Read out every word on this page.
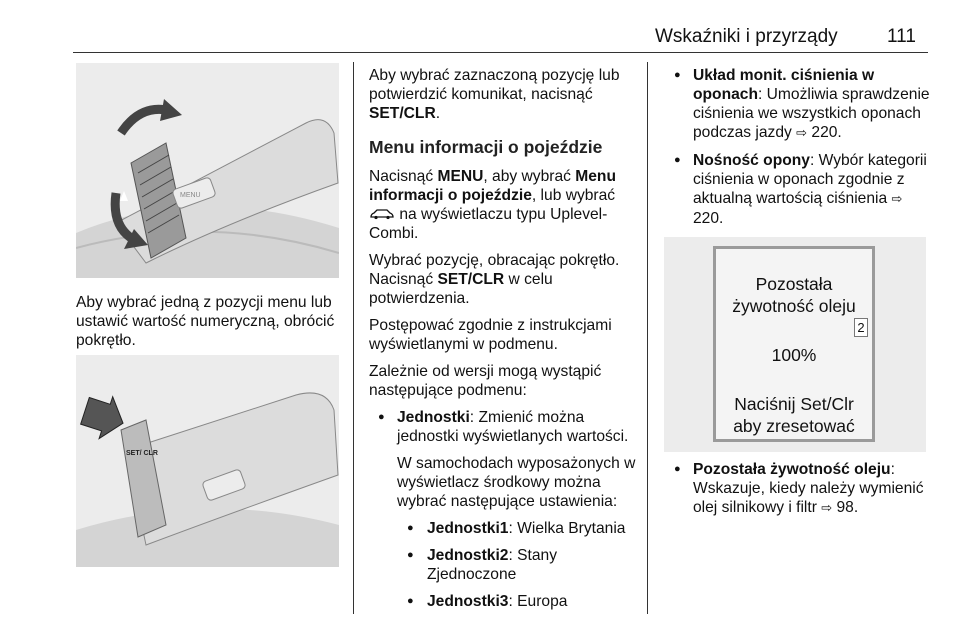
Wskaźniki i przyrządy	111
MENU

Aby wybrać jedną z pozycji menu lub ustawić wartość numeryczną, obrócić pokrętło.

SET/ CLR

Aby wybrać zaznaczoną pozycję lub potwierdzić komunikat, nacisnąć SET/CLR.

Menu informacji o pojeździe

Nacisnąć MENU, aby wybrać Menu informacji o pojeździe, lub wybrać  na wyświetlaczu typu Uplevel-Combi.

Wybrać pozycję, obracając pokrętło. Nacisnąć SET/CLR w celu potwierdzenia.

Postępować zgodnie z instrukcjami wyświetlanymi w podmenu.

Zależnie od wersji mogą wystąpić następujące podmenu:

● Jednostki: Zmienić można jednostki wyświetlanych wartości.
W samochodach wyposażonych w wyświetlacz środkowy można wybrać następujące ustawienia:
● Jednostki1: Wielka Brytania
● Jednostki2: Stany Zjednoczone
● Jednostki3: Europa
● Układ monit. ciśnienia w oponach: Umożliwia sprawdzenie ciśnienia we wszystkich oponach podczas jazdy ⇨ 220.
● Nośność opony: Wybór kategorii ciśnienia w oponach zgodnie z aktualną wartością ciśnienia ⇨ 220.
Pozostała
żywotność oleju
2
100%
Naciśnij Set/Clr
aby zresetować
● Pozostała żywotność oleju: Wskazuje, kiedy należy wymienić olej silnikowy i filtr ⇨ 98.
